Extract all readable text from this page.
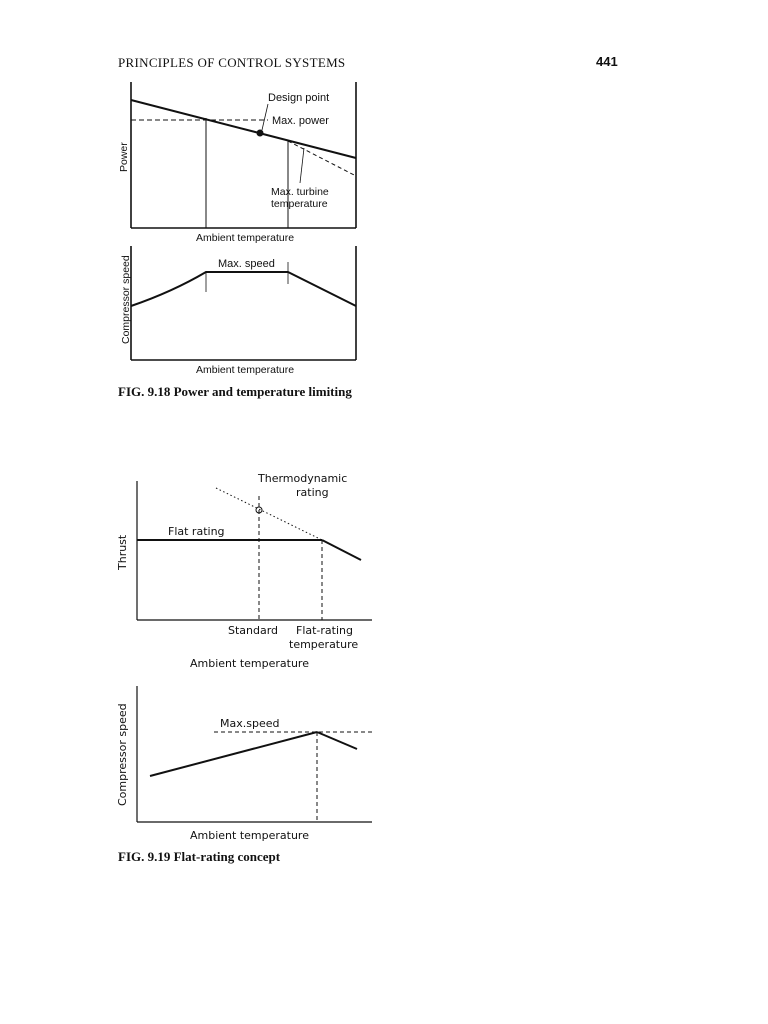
PRINCIPLES OF CONTROL SYSTEMS	441
Design point
Max. power
Max. turbine
temperature
Ambient temperature
Power
Max. speed
Ambient temperature
Compressor speed
Thermodynamic
rating
Flat rating
Standard Flat-rating
temperature
Ambient temperature
Thrust
Max.speed
Ambient temperature
Compressor speed
FIG. 9.18 Power and temperature limiting
FIG. 9.19 Flat-rating concept
